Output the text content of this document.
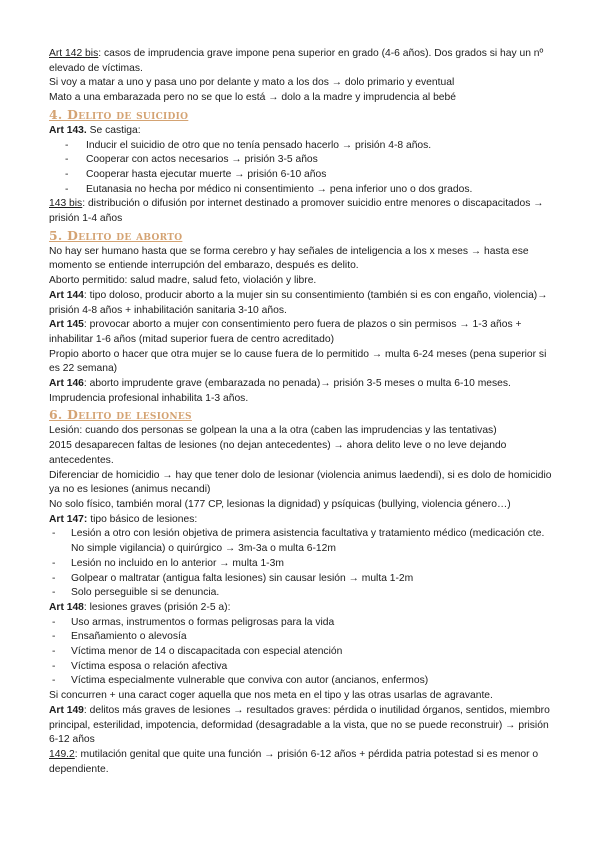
Art 142 bis: casos de imprudencia grave impone pena superior en grado (4-6 años). Dos grados si hay un nº elevado de víctimas.

Si voy a matar a uno y pasa uno por delante y mato a los dos → dolo primario y eventual

Mato a una embarazada pero no se que lo está → dolo a la madre y imprudencia al bebé

4. Delito de suicidio

Art 143. Se castiga:

- Inducir el suicidio de otro que no tenía pensado hacerlo → prisión 4-8 años.
- Cooperar con actos necesarios → prisión 3-5 años
- Cooperar hasta ejecutar muerte → prisión 6-10 años
- Eutanasia no hecha por médico ni consentimiento → pena inferior uno o dos grados.

143 bis: distribución o difusión por internet destinado a promover suicidio entre menores o discapacitados → prisión 1-4 años

5. Delito de aborto

No hay ser humano hasta que se forma cerebro y hay señales de inteligencia a los x meses → hasta ese momento se entiende interrupción del embarazo, después es delito.

Aborto permitido: salud madre, salud feto, violación y libre.

Art 144: tipo doloso, producir aborto a la mujer sin su consentimiento (también si es con engaño, violencia)→ prisión 4-8 años + inhabilitación sanitaria 3-10 años.

Art 145: provocar aborto a mujer con consentimiento pero fuera de plazos o sin permisos → 1-3 años + inhabilitar 1-6 años (mitad superior fuera de centro acreditado)

Propio aborto o hacer que otra mujer se lo cause fuera de lo permitido → multa 6-24 meses (pena superior si es 22 semana)

Art 146: aborto imprudente grave (embarazada no penada)→ prisión 3-5 meses o multa 6-10 meses.

Imprudencia profesional inhabilita 1-3 años.

6. Delito de lesiones

Lesión: cuando dos personas se golpean la una a la otra (caben las imprudencias y las tentativas)

2015 desaparecen faltas de lesiones (no dejan antecedentes) → ahora delito leve o no leve dejando antecedentes.

Diferenciar de homicidio → hay que tener dolo de lesionar (violencia animus laedendi), si es dolo de homicidio ya no es lesiones (animus necandi)

No solo físico, también moral (177 CP, lesionas la dignidad) y psíquicas (bullying, violencia género…)

Art 147: tipo básico de lesiones:

- Lesión a otro con lesión objetiva de primera asistencia facultativa y tratamiento médico (medicación cte. No simple vigilancia) o quirúrgico → 3m-3a o multa 6-12m
- Lesión no incluido en lo anterior → multa 1-3m
- Golpear o maltratar (antigua falta lesiones) sin causar lesión → multa 1-2m
- Solo perseguible si se denuncia.

Art 148: lesiones graves (prisión 2-5 a):

- Uso armas, instrumentos o formas peligrosas para la vida
- Ensañamiento o alevosía
- Víctima menor de 14 o discapacitada con especial atención
- Víctima esposa o relación afectiva
- Víctima especialmente vulnerable que conviva con autor (ancianos, enfermos)

Si concurren + una caract coger aquella que nos meta en el tipo y las otras usarlas de agravante.

Art 149: delitos más graves de lesiones → resultados graves: pérdida o inutilidad órganos, sentidos, miembro principal, esterilidad, impotencia, deformidad (desagradable a la vista, que no se puede reconstruir) → prisión 6-12 años

149.2: mutilación genital que quite una función → prisión 6-12 años + pérdida patria potestad si es menor o dependiente.
